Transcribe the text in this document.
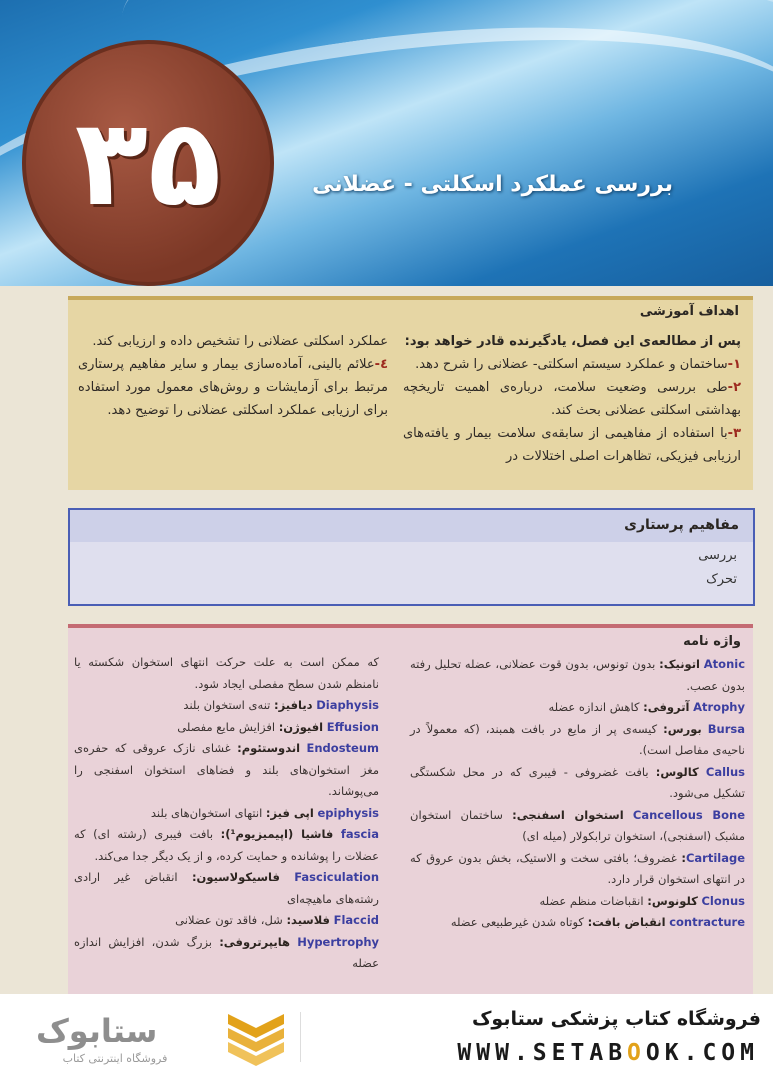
۳۵	بررسی عملکرد اسکلتی - عضلانی
اهداف آموزشی
پس از مطالعه‌ی این فصل، یادگیرنده قادر خواهد بود:
۱-ساختمان و عملکرد سیستم اسکلتی- عضلانی را شرح دهد.
۲-طی بررسی وضعیت سلامت، درباره‌ی اهمیت تاریخچه بهداشتی اسکلتی عضلانی بحث کند.
۳-با استفاده از مفاهیمی از سابقه‌ی سلامت بیمار و یافته‌های ارزیابی فیزیکی، تظاهرات اصلی اختلالات در
عملکرد اسکلتی عضلانی را تشخیص داده و ارزیابی کند.
٤-علائم بالینی، آماده‌سازی بیمار و سایر مفاهیم پرستاری مرتبط برای آزمایشات و روش‌های معمول مورد استفاده برای ارزیابی عملکرد اسکلتی عضلانی را توضیح دهد.
مفاهیم پرستاری
بررسی
تحرک
واژه نامه
Atonic اتونیک: بدون تونوس، بدون قوت عضلانی، عضله تحلیل رفته بدون عصب.
Atrophy آتروفی: کاهش اندازه عضله
Bursa بورس: کیسه‌ی پر از مایع در بافت همبند، (که معمولاً در ناحیه‌ی مفاصل است).
Callus کالوس: بافت غضروفی - فیبری که در محل شکستگی تشکیل می‌شود.
Cancellous Bone استخوان اسفنجی: ساختمان استخوان مشبک (اسفنجی)، استخوان ترابکولار (میله ای)
Cartilage: غضروف؛ بافتی سخت و الاستیک، بخش بدون عروق که در انتهای استخوان قرار دارد.
Clonus کلونوس: انقباضات منظم عضله
contracture انقباض بافت: کوتاه شدن غیرطبیعی عضله
که ممکن است به علت حرکت انتهای استخوان شکسته یا نامنظم شدن سطح مفصلی ایجاد شود.
Diaphysis دیافیز: تنه‌ی استخوان بلند
Effusion افیوژن: افزایش مایع مفصلی
Endosteum اندوستئوم: غشای نازک عروقی که حفره‌ی مغز استخوان‌های بلند و فضاهای استخوان اسفنجی را می‌پوشاند.
epiphysis اپی فیز: انتهای استخوان‌های بلند
fascia فاشیا (اپیمیزیوم¹): بافت فیبری (رشته ای) که عضلات را پوشانده و حمایت کرده، و از یک دیگر جدا می‌کند.
Fasciculation فاسیکولاسیون: انقباض غیر ارادی رشته‌های ماهیچه‌ای
Flaccid فلاسید: شل، فاقد تون عضلانی
Hypertrophy هایپرتروفی: بزرگ شدن، افزایش اندازه عضله
ستابوک
فروشگاه اینترنتی کتاب
فروشگاه کتاب پزشکی ستابوک
WWW.SETABOOK.COM
